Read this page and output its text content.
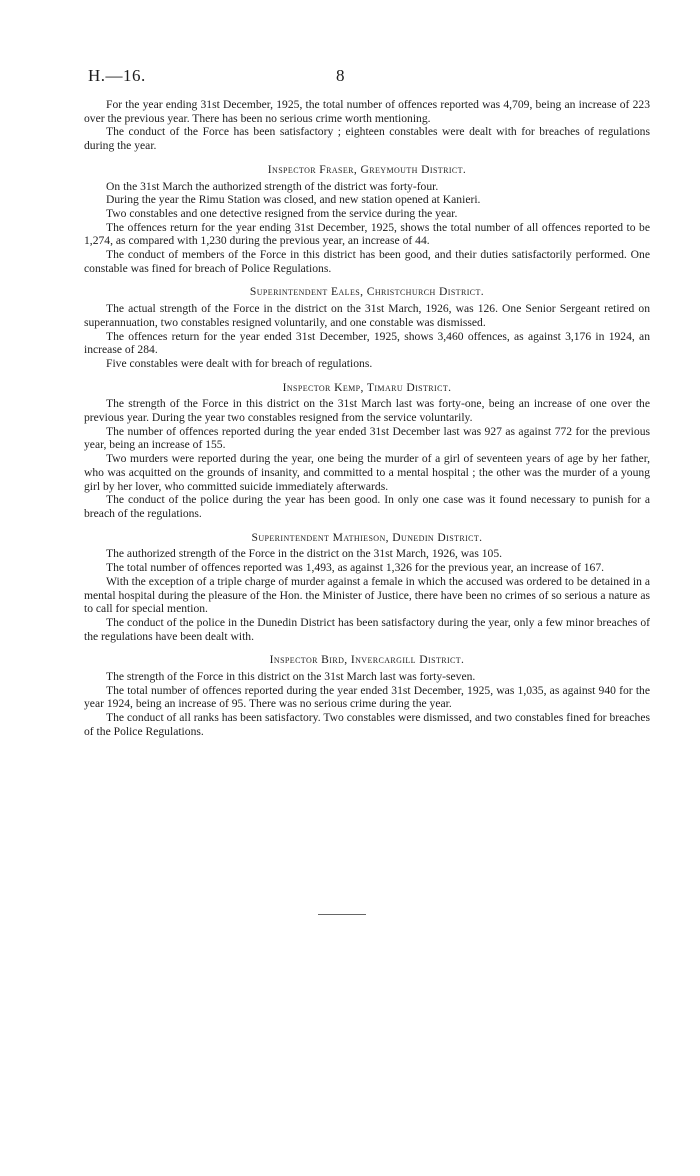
H.—16.	8

For the year ending 31st December, 1925, the total number of offences reported was 4,709, being an increase of 223 over the previous year. There has been no serious crime worth mentioning.

The conduct of the Force has been satisfactory ; eighteen constables were dealt with for breaches of regulations during the year.

Inspector Fraser, Greymouth District.

On the 31st March the authorized strength of the district was forty-four.

During the year the Rimu Station was closed, and new station opened at Kanieri.

Two constables and one detective resigned from the service during the year.

The offences return for the year ending 31st December, 1925, shows the total number of all offences reported to be 1,274, as compared with 1,230 during the previous year, an increase of 44.

The conduct of members of the Force in this district has been good, and their duties satisfactorily performed. One constable was fined for breach of Police Regulations.

Superintendent Eales, Christchurch District.

The actual strength of the Force in the district on the 31st March, 1926, was 126. One Senior Sergeant retired on superannuation, two constables resigned voluntarily, and one constable was dismissed.

The offences return for the year ended 31st December, 1925, shows 3,460 offences, as against 3,176 in 1924, an increase of 284.

Five constables were dealt with for breach of regulations.

Inspector Kemp, Timaru District.

The strength of the Force in this district on the 31st March last was forty-one, being an increase of one over the previous year. During the year two constables resigned from the service voluntarily.

The number of offences reported during the year ended 31st December last was 927 as against 772 for the previous year, being an increase of 155.

Two murders were reported during the year, one being the murder of a girl of seventeen years of age by her father, who was acquitted on the grounds of insanity, and committed to a mental hospital ; the other was the murder of a young girl by her lover, who committed suicide immediately afterwards.

The conduct of the police during the year has been good. In only one case was it found necessary to punish for a breach of the regulations.

Superintendent Mathieson, Dunedin District.

The authorized strength of the Force in the district on the 31st March, 1926, was 105.

The total number of offences reported was 1,493, as against 1,326 for the previous year, an increase of 167.

With the exception of a triple charge of murder against a female in which the accused was ordered to be detained in a mental hospital during the pleasure of the Hon. the Minister of Justice, there have been no crimes of so serious a nature as to call for special mention.

The conduct of the police in the Dunedin District has been satisfactory during the year, only a few minor breaches of the regulations have been dealt with.

Inspector Bird, Invercargill District.

The strength of the Force in this district on the 31st March last was forty-seven.

The total number of offences reported during the year ended 31st December, 1925, was 1,035, as against 940 for the year 1924, being an increase of 95. There was no serious crime during the year.

The conduct of all ranks has been satisfactory. Two constables were dismissed, and two constables fined for breaches of the Police Regulations.
